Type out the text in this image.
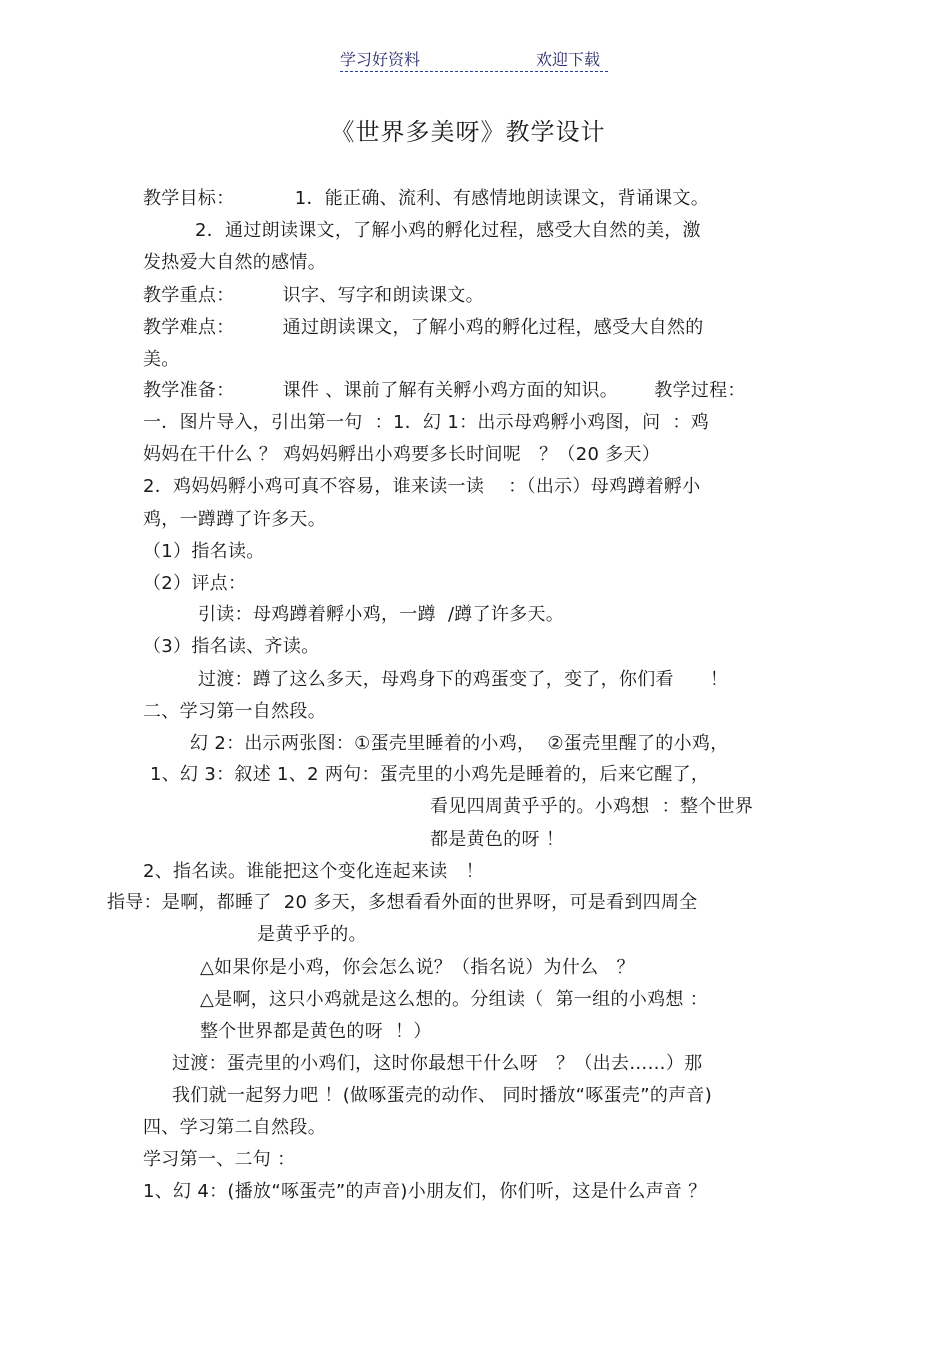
学习好资料	欢迎下载
《世界多美呀》教学设计
教学目标：          1．能正确、流利、有感情地朗读课文，背诵课文。
2．通过朗读课文，了解小鸡的孵化过程，感受大自然的美，激
发热爱大自然的感情。
教学重点：        识字、写字和朗读课文。
教学难点：        通过朗读课文，了解小鸡的孵化过程，感受大自然的
美。
教学准备：        课件 、课前了解有关孵小鸡方面的知识。      教学过程：
一．图片导入，引出第一句  ：1．幻 1：出示母鸡孵小鸡图，问  ：鸡
妈妈在干什么 ？ 鸡妈妈孵出小鸡要多长时间呢   ？（20 多天）
2．鸡妈妈孵小鸡可真不容易，谁来读一读    ：（出示）母鸡蹲着孵小
鸡，一蹲蹲了许多天。
（1）指名读。
（2）评点：
引读：母鸡蹲着孵小鸡，一蹲  /蹲了许多天。
（3）指名读、齐读。
过渡：蹲了这么多天，母鸡身下的鸡蛋变了，变了，你们看      ！
二、学习第一自然段。
幻 2：出示两张图：①蛋壳里睡着的小鸡，  ②蛋壳里醒了的小鸡，
1、幻 3：叙述 1、2 两句：蛋壳里的小鸡先是睡着的，后来它醒了，
看见四周黄乎乎的。小鸡想  ：整个世界
都是黄色的呀 ！
2、指名读。谁能把这个变化连起来读   ！
指导：是啊，都睡了  20 多天，多想看看外面的世界呀，可是看到四周全
是黄乎乎的。
△如果你是小鸡，你会怎么说？（指名说）为什么   ？
△是啊，这只小鸡就是这么想的。分组读（  第一组的小鸡想 ：
整个世界都是黄色的呀  ！）
过渡：蛋壳里的小鸡们，这时你最想干什么呀   ？（出去……）那
我们就一起努力吧 ！(做啄蛋壳的动作、 同时播放“啄蛋壳”的声音)
四、学习第二自然段。
学习第一、二句 ：
1、幻 4：(播放“啄蛋壳”的声音)小朋友们，你们听，这是什么声音 ？
